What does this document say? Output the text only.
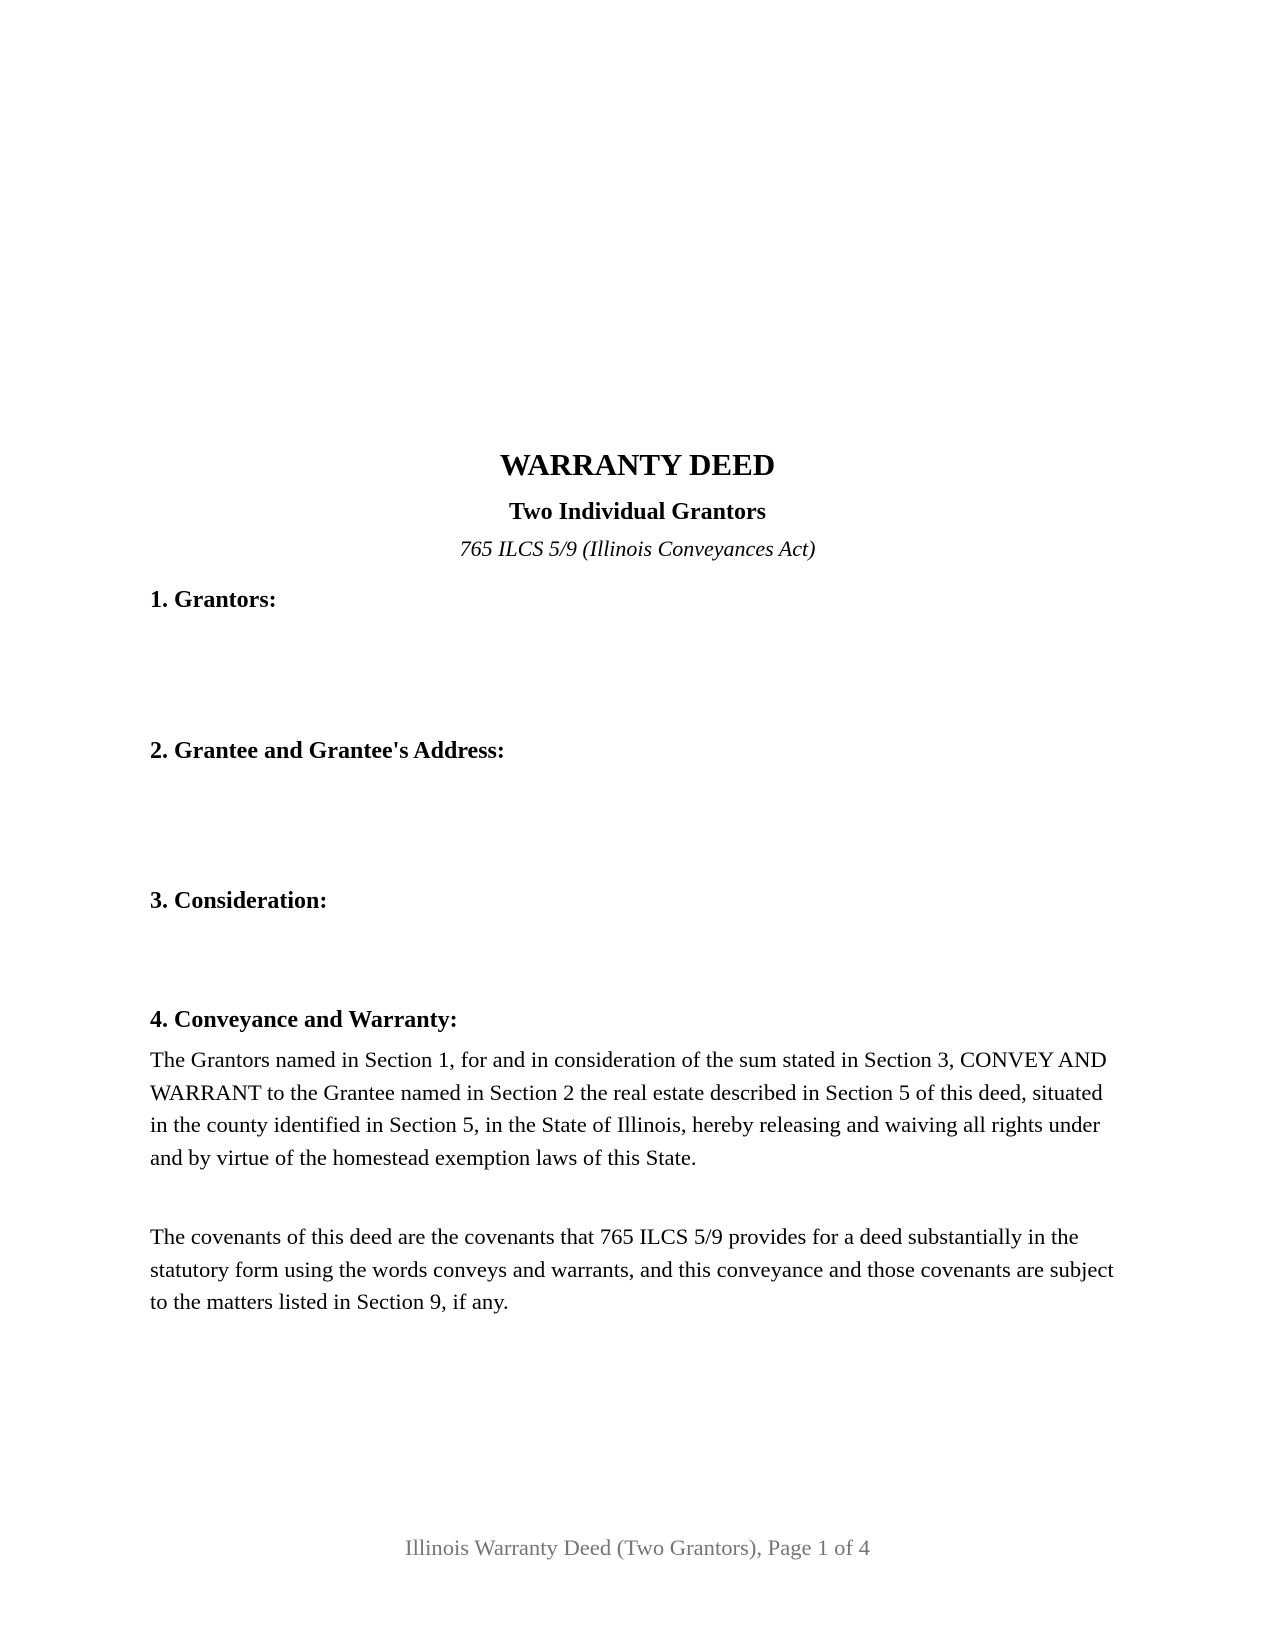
WARRANTY DEED
Two Individual Grantors
765 ILCS 5/9 (Illinois Conveyances Act)
1. Grantors:
2. Grantee and Grantee's Address:
3. Consideration:
4. Conveyance and Warranty:

The Grantors named in Section 1, for and in consideration of the sum stated in Section 3, CONVEY AND WARRANT to the Grantee named in Section 2 the real estate described in Section 5 of this deed, situated in the county identified in Section 5, in the State of Illinois, hereby releasing and waiving all rights under and by virtue of the homestead exemption laws of this State.

The covenants of this deed are the covenants that 765 ILCS 5/9 provides for a deed substantially in the statutory form using the words conveys and warrants, and this conveyance and those covenants are subject to the matters listed in Section 9, if any.

Illinois Warranty Deed (Two Grantors), Page 1 of 4
